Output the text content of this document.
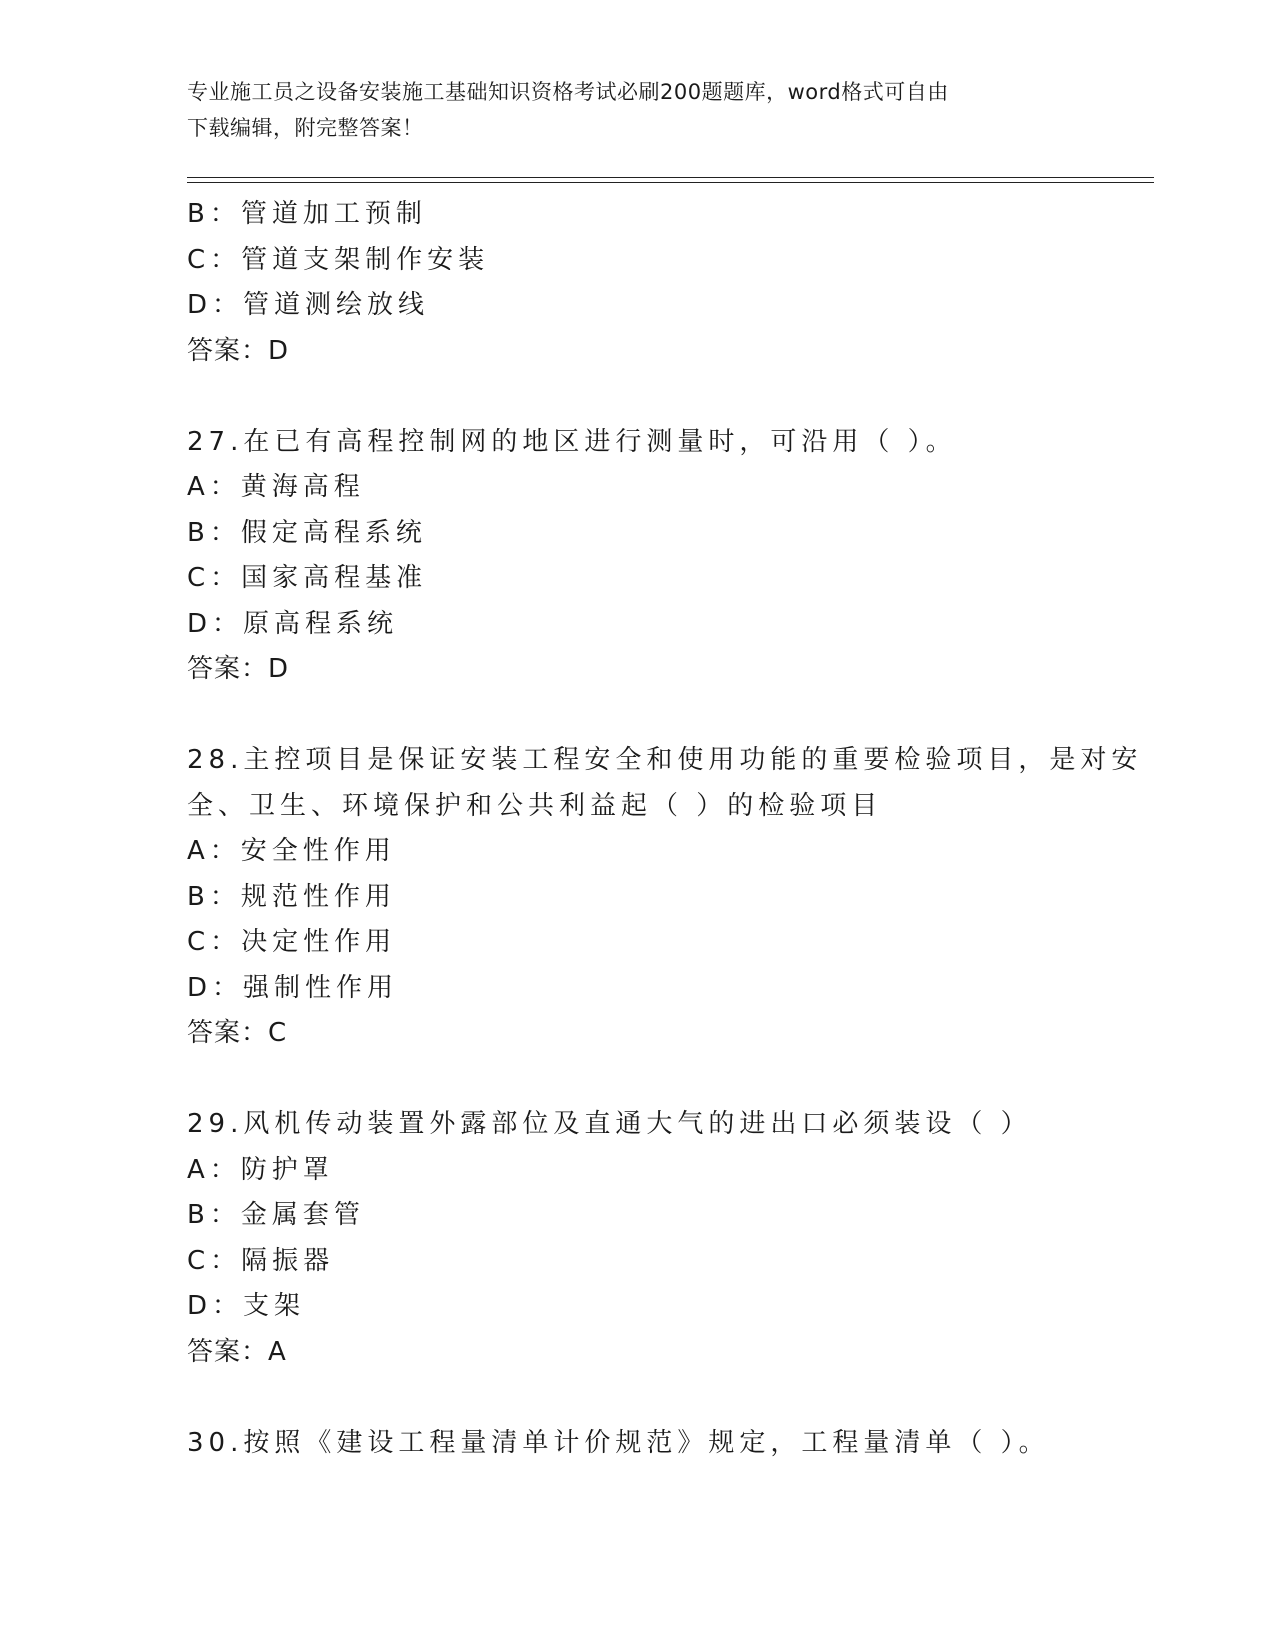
专业施工员之设备安装施工基础知识资格考试必刷200题题库，word格式可自由
下载编辑，附完整答案！
B：管道加工预制
C：管道支架制作安装
D：管道测绘放线
答案：D
27.在已有高程控制网的地区进行测量时，可沿用（ ）。
A：黄海高程
B：假定高程系统
C：国家高程基准
D：原高程系统
答案：D
28.主控项目是保证安装工程安全和使用功能的重要检验项目，是对安
全、卫生、环境保护和公共利益起（ ）的检验项目
A：安全性作用
B：规范性作用
C：决定性作用
D：强制性作用
答案：C
29.风机传动装置外露部位及直通大气的进出口必须装设（ ）
A：防护罩
B：金属套管
C：隔振器
D：支架
答案：A
30.按照《建设工程量清单计价规范》规定，工程量清单（ ）。
